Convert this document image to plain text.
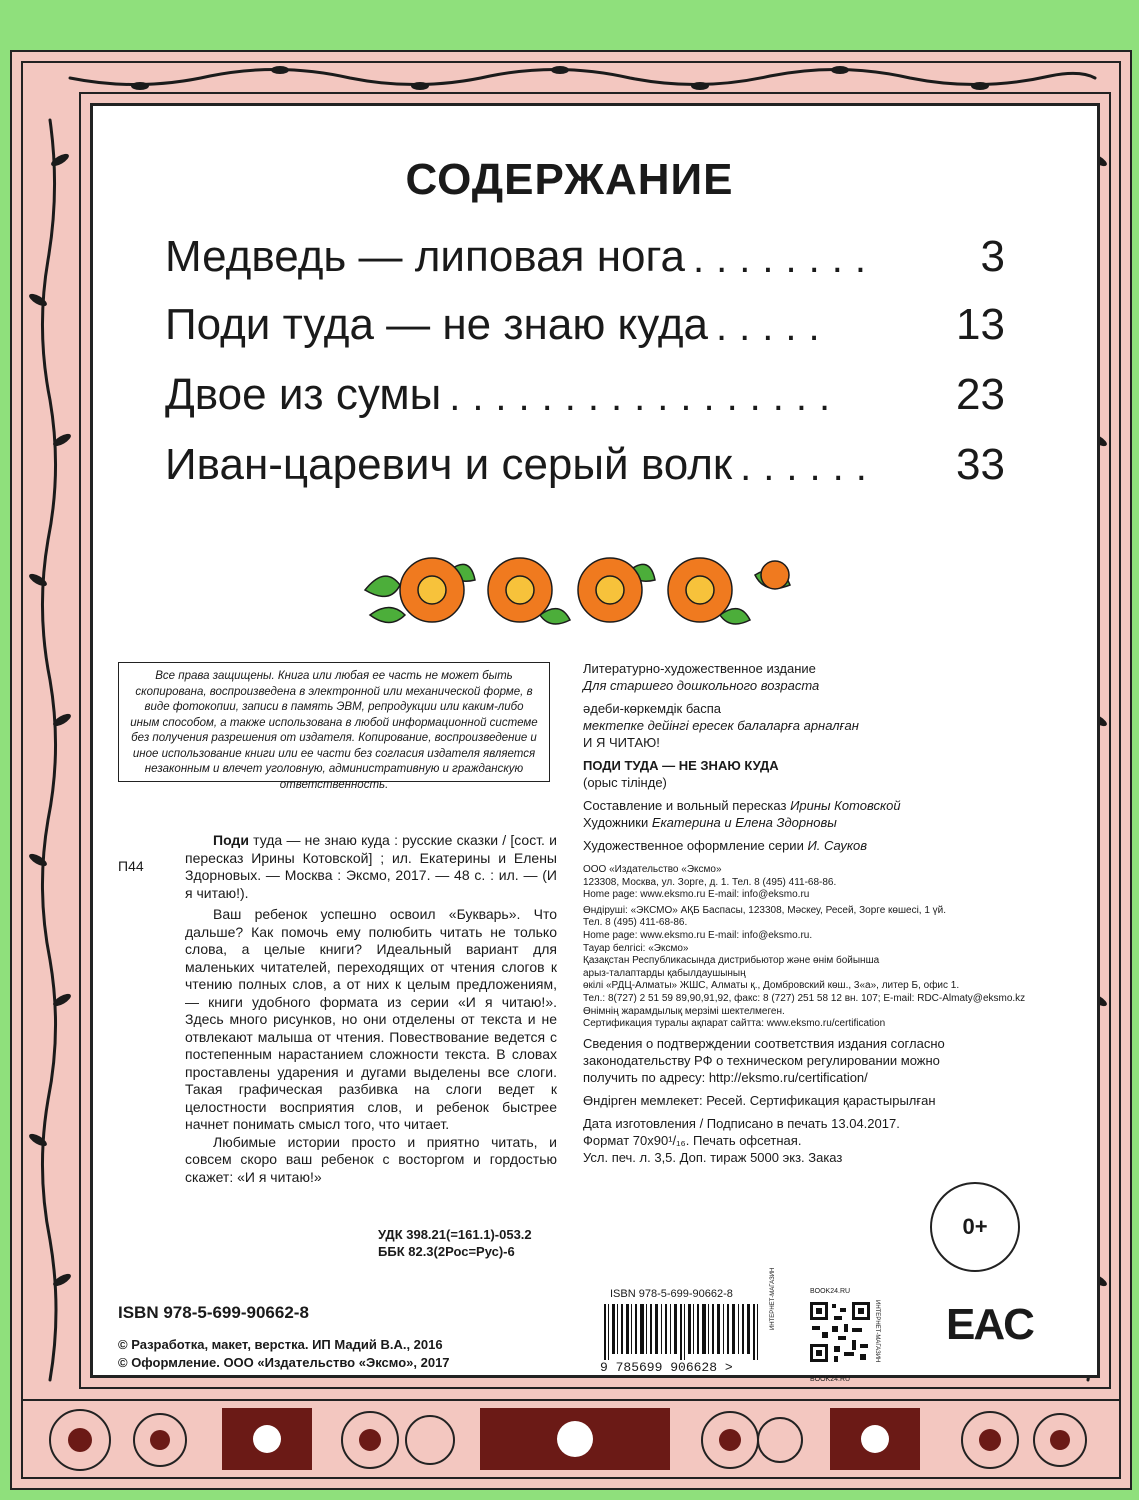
СОДЕРЖАНИЕ
Медведь — липовая нога ........	3
Поди туда — не знаю куда .....	13
Двое из сумы .................	23
Иван-царевич и серый волк ......	33
Все права защищены. Книга или любая ее часть не может быть скопирована, воспроизведена в электронной или механической форме, в виде фотокопии, записи в память ЭВМ, репродукции или каким-либо иным способом, а также использована в любой информационной системе без получения разрешения от издателя. Копирование, воспроизведение и иное использование книги или ее части без согласия издателя является незаконным и влечет уголовную, административную и гражданскую ответственность.
Литературно-художественное издание
Для старшего дошкольного возраста
әдеби-көркемдік баспа
мектепке дейінгі ересек балаларға арналған
И Я ЧИТАЮ!
ПОДИ ТУДА — НЕ ЗНАЮ КУДА
(орыс тілінде)
Составление и вольный пересказ Ирины Котовской
Художники Екатерина и Елена Здорновы
Художественное оформление серии И. Сауков
ООО «Издательство «Эксмо»
123308, Москва, ул. Зорге, д. 1. Тел. 8 (495) 411-68-86.
Home page: www.eksmo.ru E-mail: info@eksmo.ru
Өндіруші: «ЭКСМО» АҚБ Баспасы, 123308, Мәскеу, Ресей, Зорге көшесі, 1 үй.
Тел. 8 (495) 411-68-86.
Home page: www.eksmo.ru E-mail: info@eksmo.ru.
Тауар белгісі: «Эксмо»
Қазақстан Республикасында дистрибьютор және өнім бойынша
арыз-талаптарды қабылдаушының
өкілі «РДЦ-Алматы» ЖШС, Алматы қ., Домбровский көш., 3«а», литер Б, офис 1.
Тел.: 8(727) 2 51 59 89,90,91,92, факс: 8 (727) 251 58 12 вн. 107; E-mail: RDC-Almaty@eksmo.kz
Өнімнің жарамдылық мерзімі шектелмеген.
Сертификация туралы ақпарат сайтта: www.eksmo.ru/certification
Сведения о подтверждении соответствия издания согласно
законодательству РФ о техническом регулировании можно
получить по адресу: http://eksmo.ru/certification/
Өндірген мемлекет: Ресей. Сертификация қарастырылған
Дата изготовления / Подписано в печать 13.04.2017.
Формат 70x90¹/₁₆. Печать офсетная.
Усл. печ. л. 3,5. Доп. тираж 5000 экз. Заказ
П44
Поди туда — не знаю куда : русские сказки / [сост. и пересказ Ирины Котовской] ; ил. Екатерины и Елены Здорновых. — Москва : Эксмо, 2017. — 48 с. : ил. — (И я читаю!).
Ваш ребенок успешно освоил «Букварь». Что дальше? Как помочь ему полюбить читать не только слова, а целые книги? Идеальный вариант для маленьких читателей, переходящих от чтения слогов к чтению полных слов, а от них к целым предложениям, — книги удобного формата из серии «И я читаю!». Здесь много рисунков, но они отделены от текста и не отвлекают малыша от чтения. Повествование ведется с постепенным нарастанием сложности текста. В словах проставлены ударения и дугами выделены все слоги. Такая графическая разбивка на слоги ведет к целостности восприятия слов, и ребенок быстрее начнет понимать смысл того, что читает.
Любимые истории просто и приятно читать, и совсем скоро ваш ребенок с восторгом и гордостью скажет: «И я читаю!»
УДК 398.21(=161.1)-053.2
ББК 82.3(2Рос=Рус)-6
ISBN 978-5-699-90662-8
© Разработка, макет, верстка. ИП Мадий В.А., 2016
© Оформление. ООО «Издательство «Эксмо», 2017
ISBN 978-5-699-90662-8
9 785699 906628 >
BOOK24.RU
BOOK24.RU
ИНТЕРНЕТ-МАГАЗИН
ИНТЕРНЕТ-МАГАЗИН
0+
EAC
